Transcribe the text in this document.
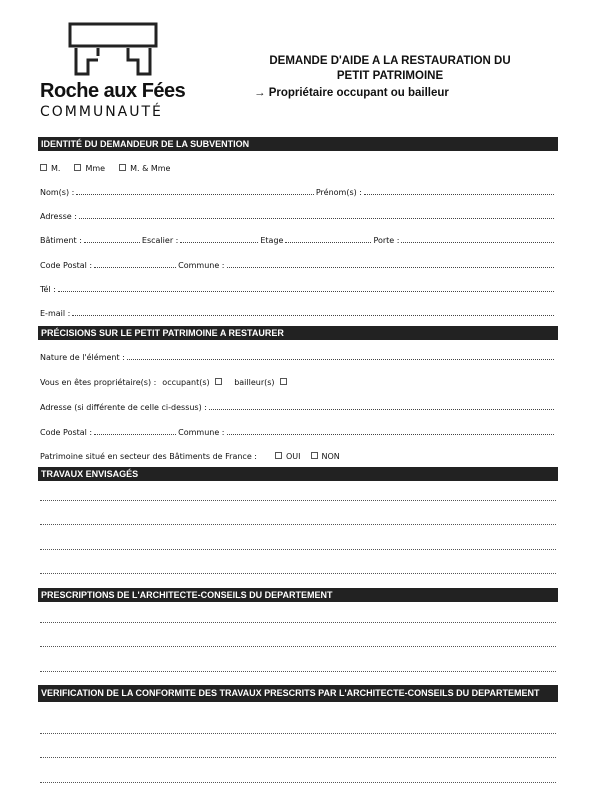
Roche aux Fées
COMMUNAUTÉ
DEMANDE D'AIDE A LA RESTAURATION DU
PETIT PATRIMOINE
→ Propriétaire occupant ou bailleur
IDENTITÉ DU DEMANDEUR DE LA SUBVENTION
M.	Mme	M. & Mme
Nom(s) :	Prénom(s) :
Adresse :
Bâtiment :	Escalier :	Etage	Porte :
Code Postal :	Commune :
Tél :
E-mail :
PRÉCISIONS SUR LE PETIT PATRIMOINE A RESTAURER
Nature de l'élément :
Vous en êtes propriétaire(s) : occupant(s)	bailleur(s)
Adresse (si différente de celle ci-dessus) :
Code Postal :	Commune :
Patrimoine situé en secteur des Bâtiments de France :	OUI	NON
TRAVAUX ENVISAGÉS
PRESCRIPTIONS DE L'ARCHITECTE-CONSEILS DU DEPARTEMENT
VERIFICATION DE LA CONFORMITE DES TRAVAUX PRESCRITS PAR L'ARCHITECTE-CONSEILS DU DEPARTEMENT
